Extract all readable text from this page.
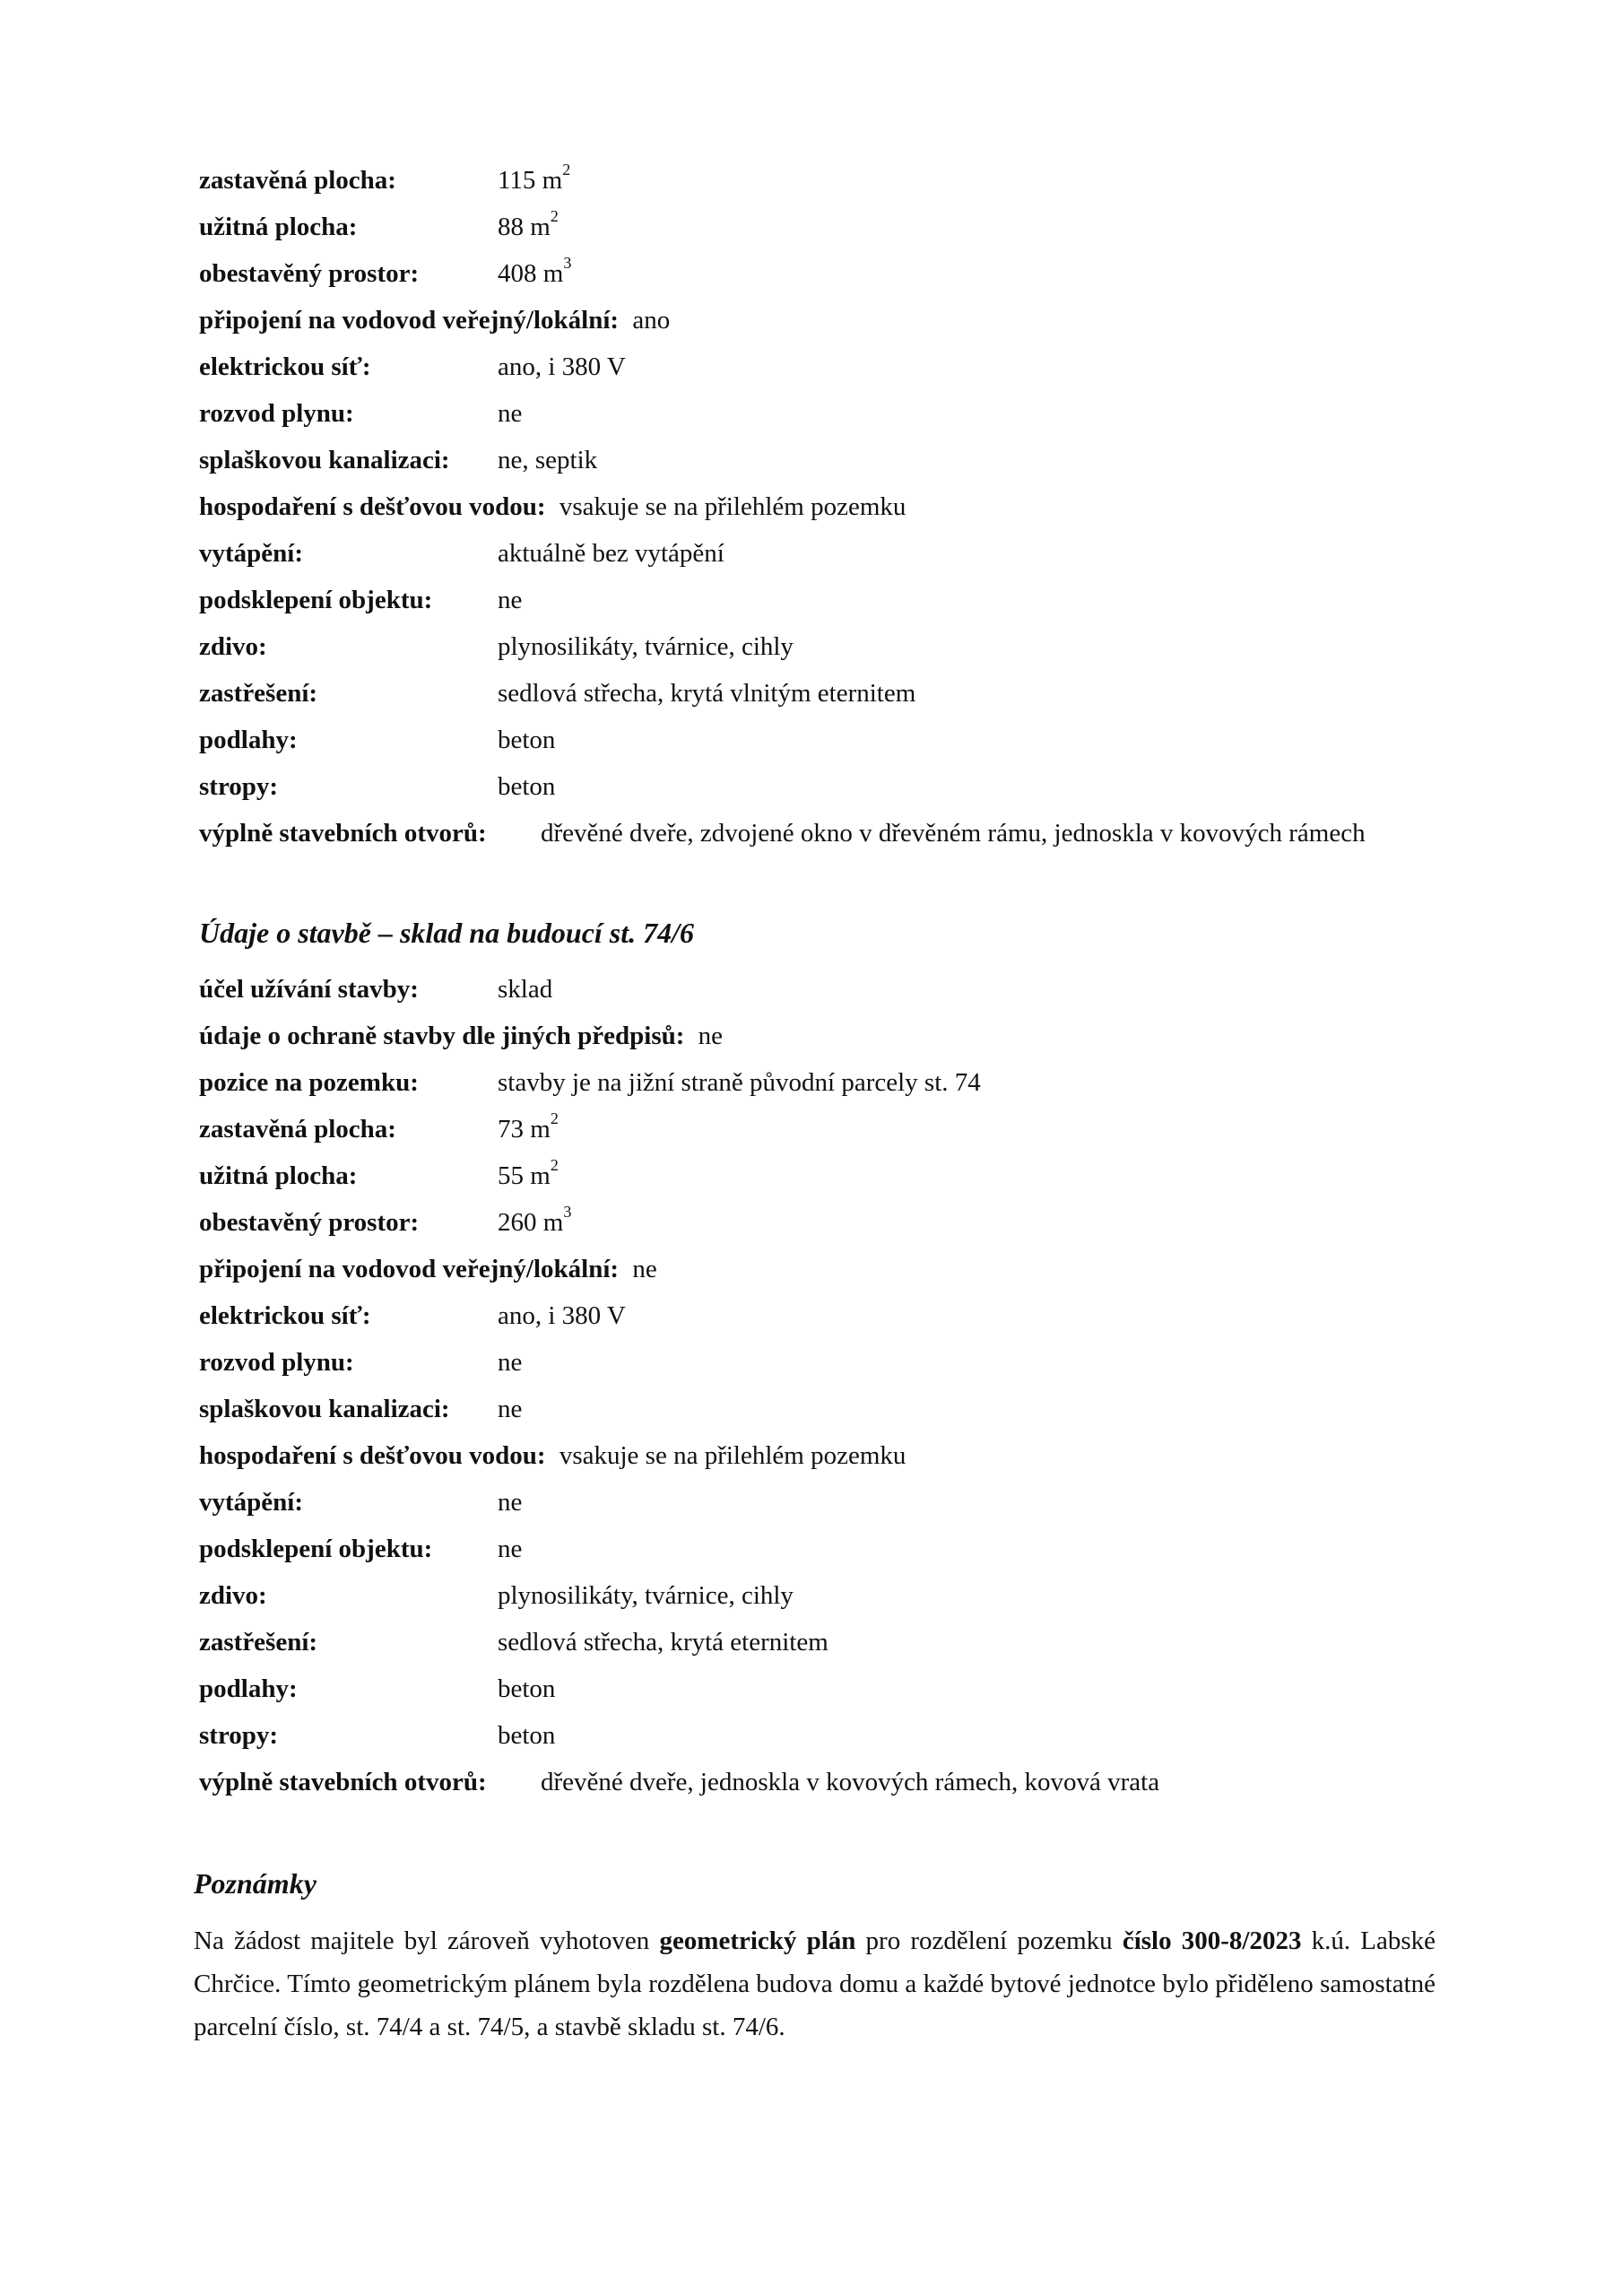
zastavěná plocha:	115 $m^2$
užitná plocha:	88 $m^2$
obestavěný prostor:	408 $m^3$
připojení na vodovod veřejný/lokální: ano
elektrickou síť:	ano, i 380 V
rozvod plynu:	ne
splaškovou kanalizaci: ne, septik
hospodaření s dešťovou vodou: vsakuje se na přilehlém pozemku
vytápění:	aktuálně bez vytápění
podsklepení objektu:	ne
zdivo:	plynosilikáty, tvárnice, cihly
zastřešení:	sedlová střecha, krytá vlnitým eternitem
podlahy:	beton
stropy:	beton
výplně stavebních otvorů: dřevěné dveře, zdvojené okno v dřevěném rámu, jednoskla v kovových rámech
Údaje o stavbě – sklad na budoucí st. 74/6
účel užívání stavby:	sklad
údaje o ochraně stavby dle jiných předpisů: ne
pozice na pozemku:	stavby je na jižní straně původní parcely st. 74
zastavěná plocha:	73 $m^2$
užitná plocha:	55 $m^2$
obestavěný prostor:	260 $m^3$
připojení na vodovod veřejný/lokální: ne
elektrickou síť:	ano, i 380 V
rozvod plynu:	ne
splaškovou kanalizaci: ne
hospodaření s dešťovou vodou: vsakuje se na přilehlém pozemku
vytápění:	ne
podsklepení objektu:	ne
zdivo:	plynosilikáty, tvárnice, cihly
zastřešení:	sedlová střecha, krytá eternitem
podlahy:	beton
stropy:	beton
výplně stavebních otvorů: dřevěné dveře, jednoskla v kovových rámech, kovová vrata
Poznámky
Na žádost majitele byl zároveň vyhotoven geometrický plán pro rozdělení pozemku číslo 300-8/2023 k.ú. Labské Chrčice. Tímto geometrickým plánem byla rozdělena budova domu a každé bytové jednotce bylo přiděleno samostatné parcelní číslo, st. 74/4 a st. 74/5, a stavbě skladu st. 74/6.
